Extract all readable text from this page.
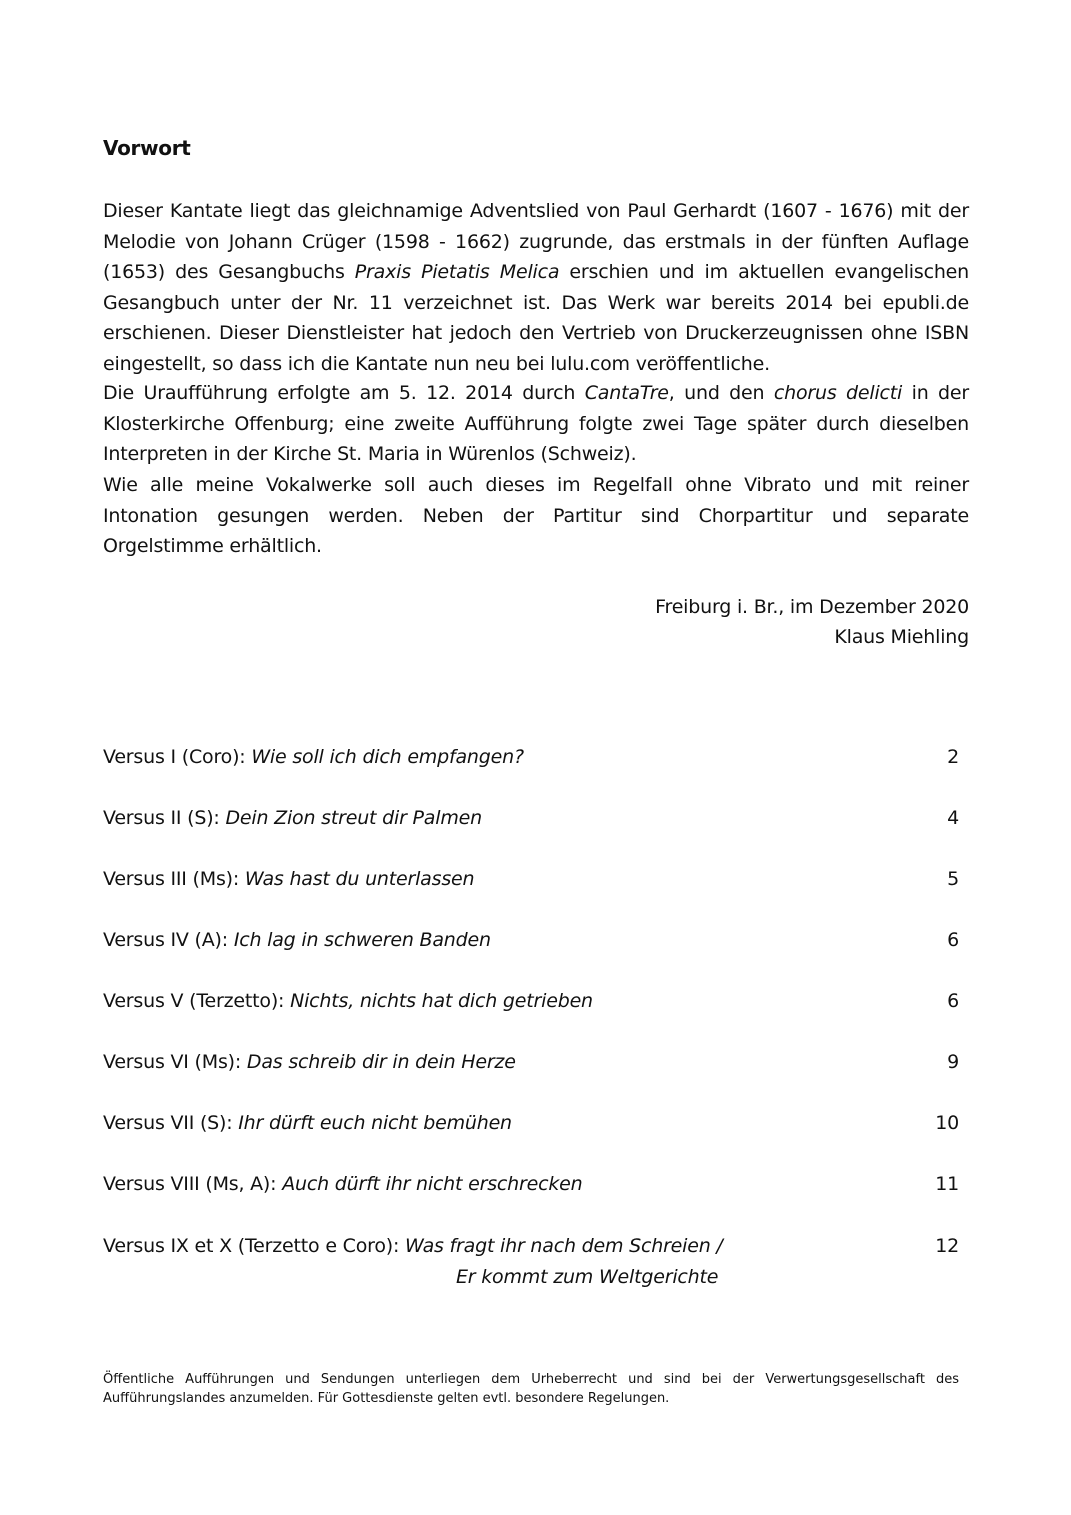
Vorwort

Dieser Kantate liegt das gleichnamige Adventslied von Paul Gerhardt (1607 - 1676) mit der Melodie von Johann Crüger (1598 - 1662) zugrunde, das erstmals in der fünften Auflage (1653) des Gesangbuchs Praxis Pietatis Melica erschien und im aktuellen evangelischen Gesangbuch unter der Nr. 11 verzeichnet ist. Das Werk war bereits 2014 bei epubli.de erschienen. Dieser Dienstleister hat jedoch den Vertrieb von Druckerzeugnissen ohne ISBN eingestellt, so dass ich die Kantate nun neu bei lulu.com veröffentliche.

Die Uraufführung erfolgte am 5. 12. 2014 durch CantaTre, und den chorus delicti in der Klosterkirche Offenburg; eine zweite Aufführung folgte zwei Tage später durch dieselben Interpreten in der Kirche St. Maria in Würenlos (Schweiz).

Wie alle meine Vokalwerke soll auch dieses im Regelfall ohne Vibrato und mit reiner Intonation gesungen werden. Neben der Partitur sind Chorpartitur und separate Orgelstimme erhältlich.

Freiburg i. Br., im Dezember 2020
Klaus Miehling
Versus I (Coro): Wie soll ich dich empfangen?	2
Versus II (S): Dein Zion streut dir Palmen	4
Versus III (Ms): Was hast du unterlassen	5
Versus IV (A): Ich lag in schweren Banden	6
Versus V (Terzetto): Nichts, nichts hat dich getrieben	6
Versus VI (Ms): Das schreib dir in dein Herze	9
Versus VII (S): Ihr dürft euch nicht bemühen	10
Versus VIII (Ms, A): Auch dürft ihr nicht erschrecken	11
Versus IX et X (Terzetto e Coro): Was fragt ihr nach dem Schreien /	12
Er kommt zum Weltgerichte

Öffentliche Aufführungen und Sendungen unterliegen dem Urheberrecht und sind bei der Verwertungsgesellschaft des Aufführungslandes anzumelden. Für Gottesdienste gelten evtl. besondere Regelungen.
